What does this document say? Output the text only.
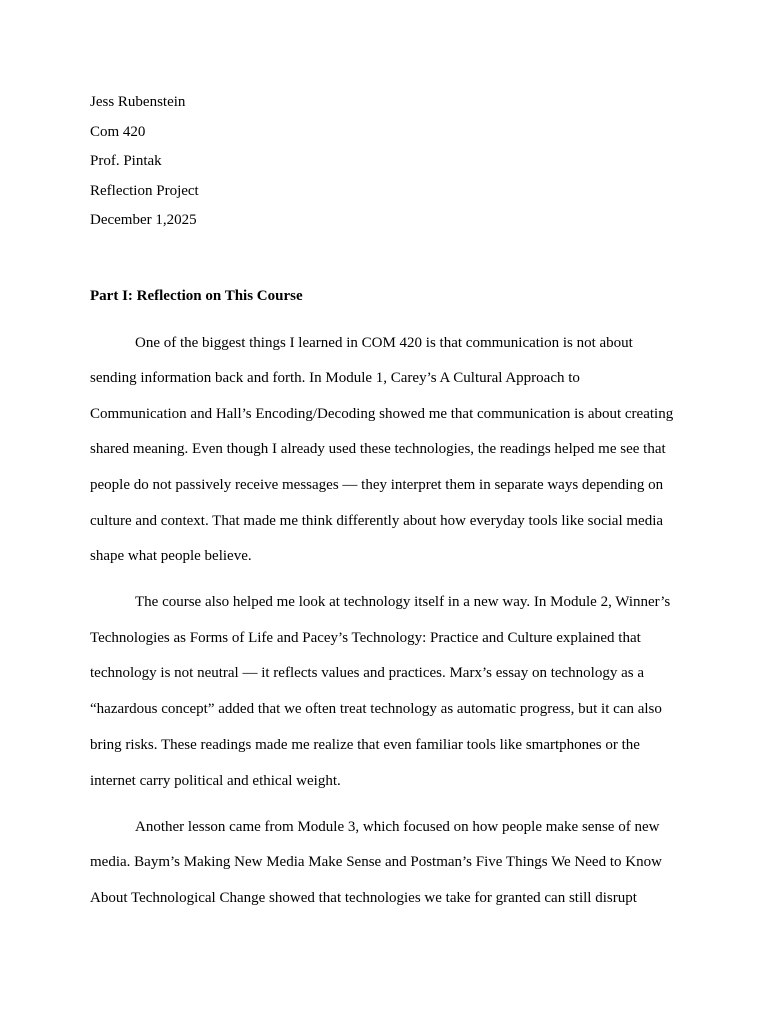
Jess Rubenstein
Com 420
Prof. Pintak
Reflection Project
December 1,2025
Part I: Reflection on This Course
One of the biggest things I learned in COM 420 is that communication is not about
sending information back and forth. In Module 1, Carey’s A Cultural Approach to
Communication and Hall’s Encoding/Decoding showed me that communication is about creating
shared meaning. Even though I already used these technologies, the readings helped me see that
people do not passively receive messages — they interpret them in separate ways depending on
culture and context. That made me think differently about how everyday tools like social media
shape what people believe.
The course also helped me look at technology itself in a new way. In Module 2, Winner’s
Technologies as Forms of Life and Pacey’s Technology: Practice and Culture explained that
technology is not neutral — it reflects values and practices. Marx’s essay on technology as a
“hazardous concept” added that we often treat technology as automatic progress, but it can also
bring risks. These readings made me realize that even familiar tools like smartphones or the
internet carry political and ethical weight.
Another lesson came from Module 3, which focused on how people make sense of new
media. Baym’s Making New Media Make Sense and Postman’s Five Things We Need to Know
About Technological Change showed that technologies we take for granted can still disrupt
